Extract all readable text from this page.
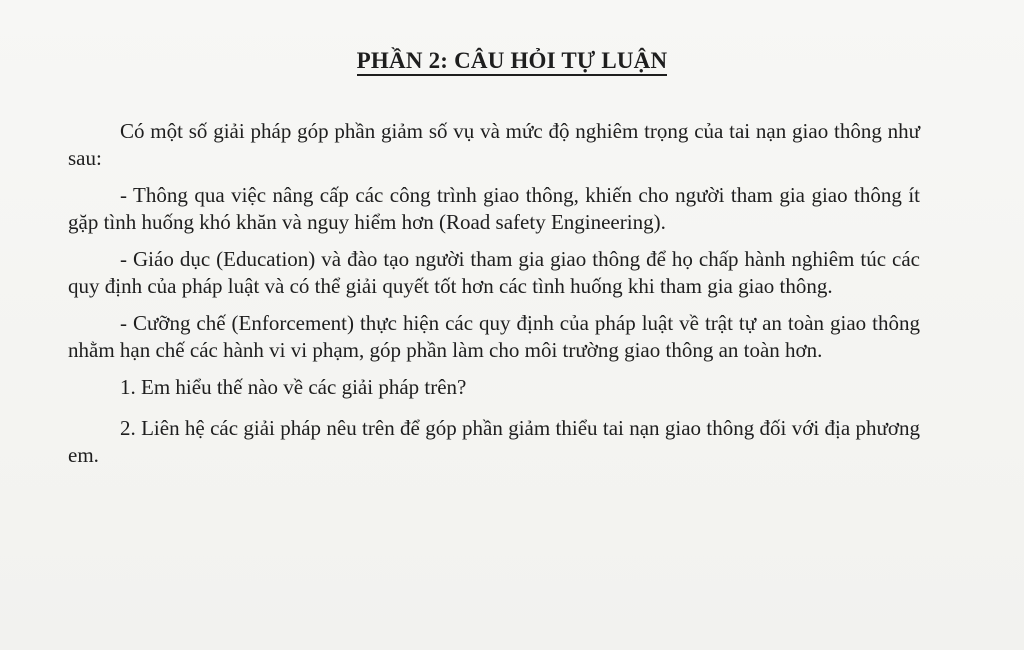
PHẦN 2: CÂU HỎI TỰ LUẬN

Có một số giải pháp góp phần giảm số vụ và mức độ nghiêm trọng của tai nạn giao thông như sau:

- Thông qua việc nâng cấp các công trình giao thông, khiến cho người tham gia giao thông ít gặp tình huống khó khăn và nguy hiểm hơn (Road safety Engineering).

- Giáo dục (Education) và đào tạo người tham gia giao thông để họ chấp hành nghiêm túc các quy định của pháp luật và có thể giải quyết tốt hơn các tình huống khi tham gia giao thông.

- Cưỡng chế (Enforcement) thực hiện các quy định của pháp luật về trật tự an toàn giao thông nhằm hạn chế các hành vi vi phạm, góp phần làm cho môi trường giao thông an toàn hơn.

1. Em hiểu thế nào về các giải pháp trên?

2. Liên hệ các giải pháp nêu trên để góp phần giảm thiểu tai nạn giao thông đối với địa phương em.
